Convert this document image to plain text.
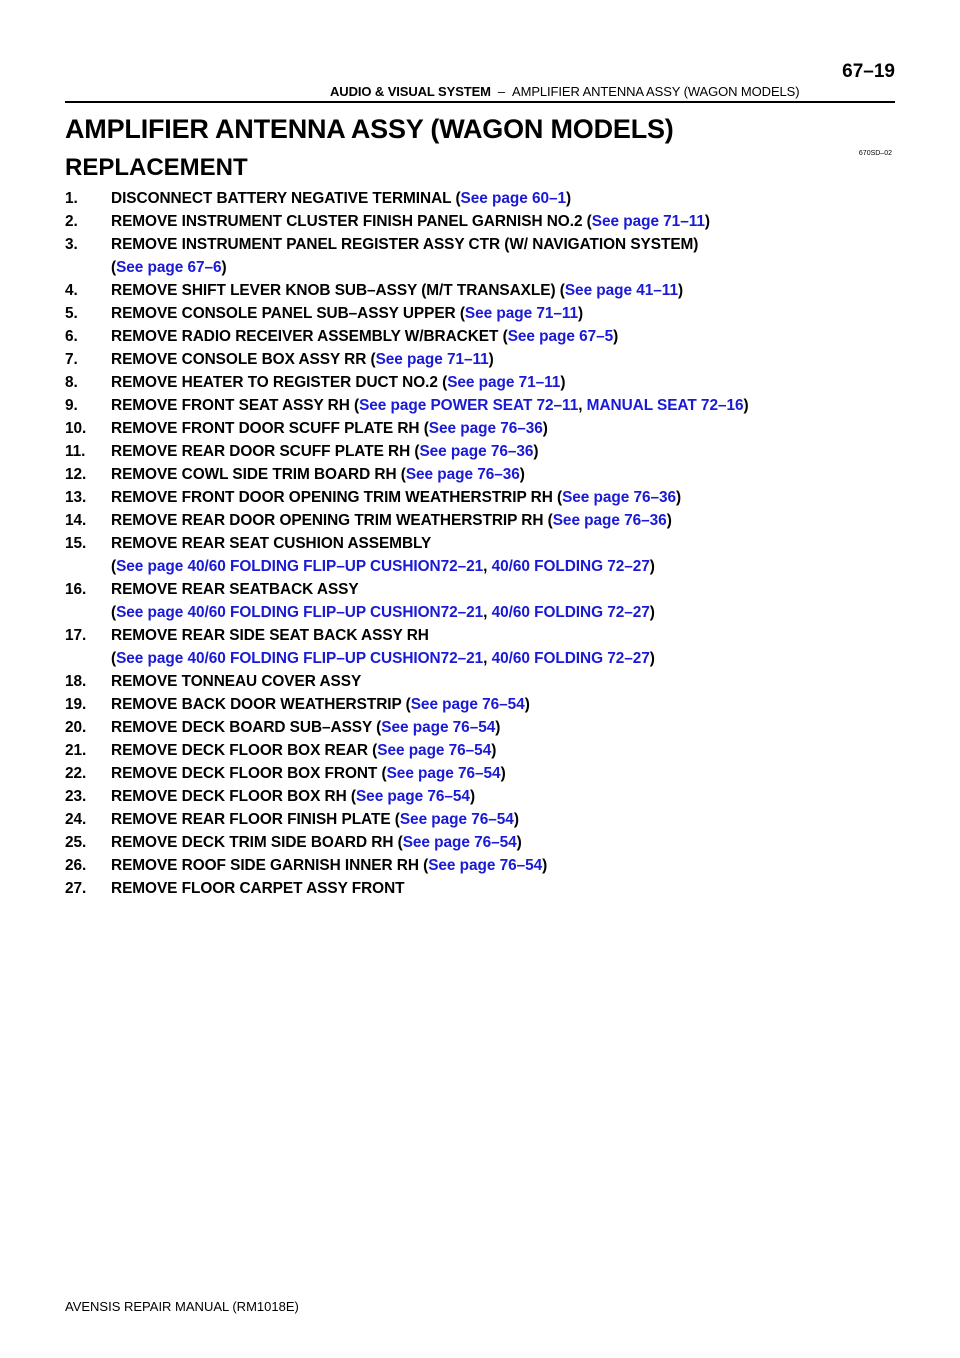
67–19
AUDIO & VISUAL SYSTEM – AMPLIFIER ANTENNA ASSY (WAGON MODELS)
AMPLIFIER ANTENNA ASSY (WAGON MODELS)
670SD–02
REPLACEMENT
1. DISCONNECT BATTERY NEGATIVE TERMINAL (See page 60–1)
2. REMOVE INSTRUMENT CLUSTER FINISH PANEL GARNISH NO.2 (See page 71–11)
3. REMOVE INSTRUMENT PANEL REGISTER ASSY CTR (W/ NAVIGATION SYSTEM)
(See page 67–6)
4. REMOVE SHIFT LEVER KNOB SUB–ASSY (M/T TRANSAXLE) (See page 41–11)
5. REMOVE CONSOLE PANEL SUB–ASSY UPPER (See page 71–11)
6. REMOVE RADIO RECEIVER ASSEMBLY W/BRACKET (See page 67–5)
7. REMOVE CONSOLE BOX ASSY RR (See page 71–11)
8. REMOVE HEATER TO REGISTER DUCT NO.2 (See page 71–11)
9. REMOVE FRONT SEAT ASSY RH (See page POWER SEAT 72–11, MANUAL SEAT 72–16)
10. REMOVE FRONT DOOR SCUFF PLATE RH (See page 76–36)
11. REMOVE REAR DOOR SCUFF PLATE RH (See page 76–36)
12. REMOVE COWL SIDE TRIM BOARD RH (See page 76–36)
13. REMOVE FRONT DOOR OPENING TRIM WEATHERSTRIP RH (See page 76–36)
14. REMOVE REAR DOOR OPENING TRIM WEATHERSTRIP RH (See page 76–36)
15. REMOVE REAR SEAT CUSHION ASSEMBLY
(See page 40/60 FOLDING FLIP–UP CUSHION72–21, 40/60 FOLDING 72–27)
16. REMOVE REAR SEATBACK ASSY
(See page 40/60 FOLDING FLIP–UP CUSHION72–21, 40/60 FOLDING 72–27)
17. REMOVE REAR SIDE SEAT BACK ASSY RH
(See page 40/60 FOLDING FLIP–UP CUSHION72–21, 40/60 FOLDING 72–27)
18. REMOVE TONNEAU COVER ASSY
19. REMOVE BACK DOOR WEATHERSTRIP (See page 76–54)
20. REMOVE DECK BOARD SUB–ASSY (See page 76–54)
21. REMOVE DECK FLOOR BOX REAR (See page 76–54)
22. REMOVE DECK FLOOR BOX FRONT (See page 76–54)
23. REMOVE DECK FLOOR BOX RH (See page 76–54)
24. REMOVE REAR FLOOR FINISH PLATE (See page 76–54)
25. REMOVE DECK TRIM SIDE BOARD RH (See page 76–54)
26. REMOVE ROOF SIDE GARNISH INNER RH (See page 76–54)
27. REMOVE FLOOR CARPET ASSY FRONT
AVENSIS REPAIR MANUAL (RM1018E)
